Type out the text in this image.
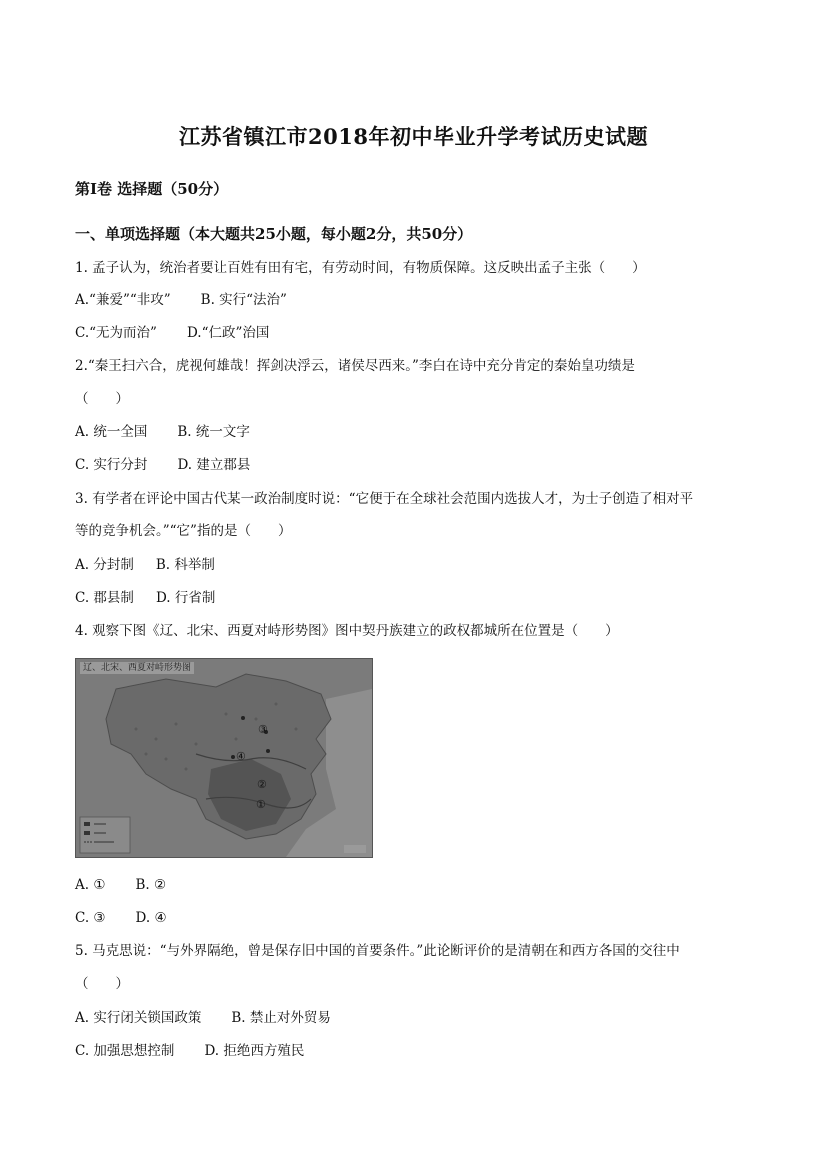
江苏省镇江市2018年初中毕业升学考试历史试题
第Ⅰ卷 选择题（50分）
一、单项选择题（本大题共25小题，每小题2分，共50分）
1. 孟子认为，统治者要让百姓有田有宅，有劳动时间，有物质保障。这反映出孟子主张（　　）
A.“兼爱”“非攻” B. 实行“法治”
C.“无为而治” D.“仁政”治国
2.“秦王扫六合，虎视何雄哉！挥剑决浮云，诸侯尽西来。”李白在诗中充分肯定的秦始皇功绩是
（　　）
A. 统一全国 B. 统一文字
C. 实行分封 D. 建立郡县
3. 有学者在评论中国古代某一政治制度时说：“它便于在全球社会范围内选拔人才，为士子创造了相对平
等的竞争机会。”“它”指的是（　　）
A. 分封制 B. 科举制
C. 郡县制 D. 行省制
4. 观察下图《辽、北宋、西夏对峙形势图》图中契丹族建立的政权都城所在位置是（　　）
辽、北宋、西夏对峙形势图
①
②
③
④
A. ① B. ②
C. ③ D. ④
5. 马克思说：“与外界隔绝，曾是保存旧中国的首要条件。”此论断评价的是清朝在和西方各国的交往中
（　　）
A. 实行闭关锁国政策 B. 禁止对外贸易
C. 加强思想控制 D. 拒绝西方殖民
